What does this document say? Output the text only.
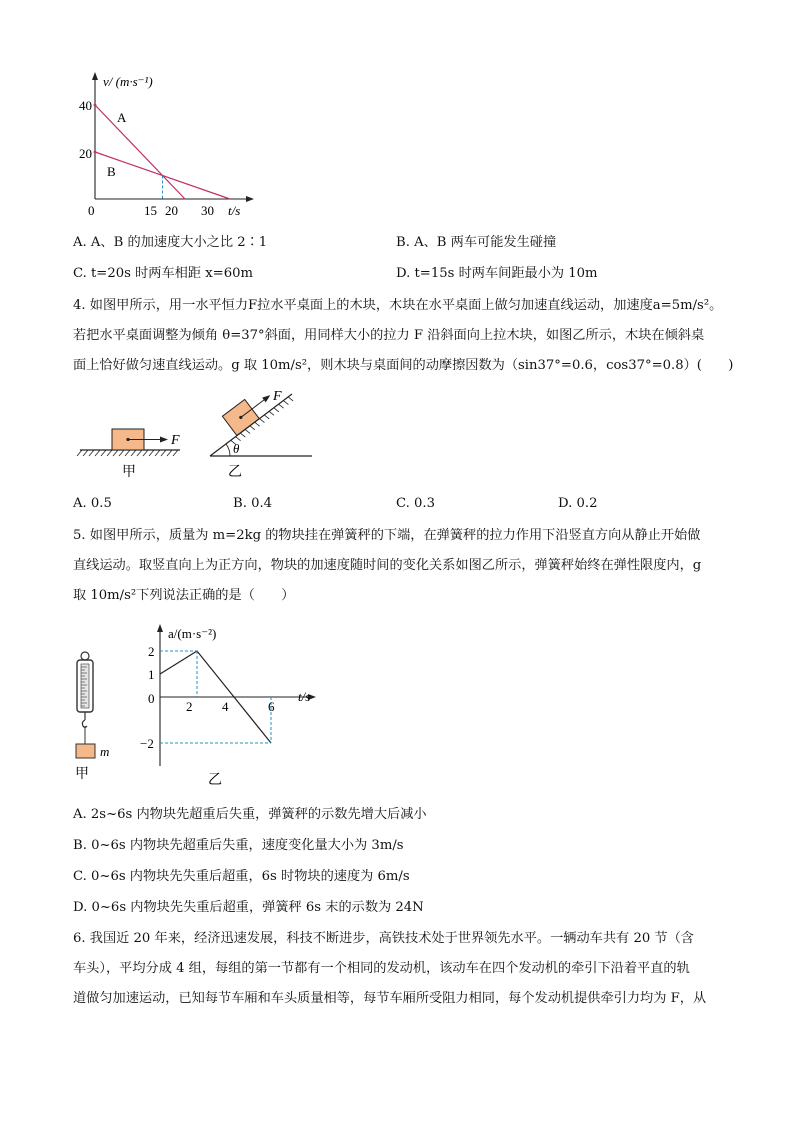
v/ (m·s⁻¹)
t/s
0
40
20
15 20 30
A
B
A. A、B 的加速度大小之比 2∶1	B. A、B 两车可能发生碰撞
C. t=20s 时两车相距 x=60m	D. t=15s 时两车间距最小为 10m
4. 如图甲所示，用一水平恒力F拉水平桌面上的木块，木块在水平桌面上做匀加速直线运动，加速度a=5m/s²。
若把水平桌面调整为倾角 θ=37°斜面，用同样大小的拉力 F 沿斜面向上拉木块，如图乙所示，木块在倾斜桌
面上恰好做匀速直线运动。g 取 10m/s²，则木块与桌面间的动摩擦因数为（sin37°=0.6，cos37°=0.8）(　　)
F
甲
F
θ
乙
A. 0.5	B. 0.4	C. 0.3	D. 0.2
5. 如图甲所示，质量为 m=2kg 的物块挂在弹簧秤的下端，在弹簧秤的拉力作用下沿竖直方向从静止开始做
直线运动。取竖直向上为正方向，物块的加速度随时间的变化关系如图乙所示，弹簧秤始终在弹性限度内，g
取 10m/s²下列说法正确的是（　　）
m
甲
a/(m·s⁻²)
t/s
0
2
1
−2
2 4	6
乙
A. 2s~6s 内物块先超重后失重，弹簧秤的示数先增大后减小
B. 0~6s 内物块先超重后失重，速度变化量大小为 3m/s
C. 0~6s 内物块先失重后超重，6s 时物块的速度为 6m/s
D. 0~6s 内物块先失重后超重，弹簧秤 6s 末的示数为 24N
6. 我国近 20 年来，经济迅速发展，科技不断进步，高铁技术处于世界领先水平。一辆动车共有 20 节（含
车头），平均分成 4 组，每组的第一节都有一个相同的发动机，该动车在四个发动机的牵引下沿着平直的轨
道做匀加速运动，已知每节车厢和车头质量相等，每节车厢所受阻力相同，每个发动机提供牵引力均为 F，从
